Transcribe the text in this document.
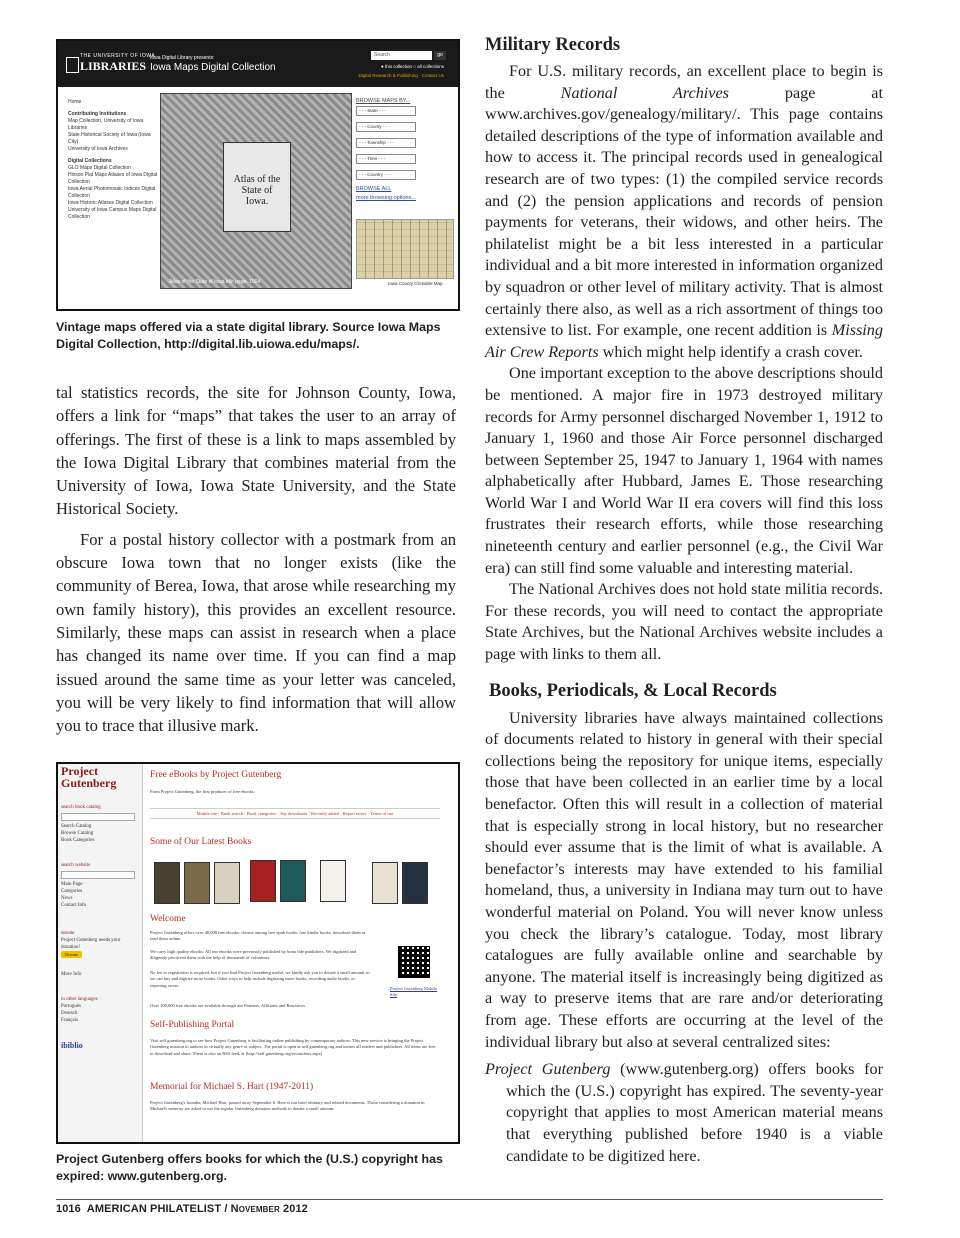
THE UNIVERSITY OF IOWA
LIBRARIES
Iowa Digital Library presents:
Iowa Maps Digital Collection
Search	go
● this collection ○ all collections
Digital Research & Publishing · Contact Us
Home
Contributing Institutions
Map Collection, University of Iowa Libraries
State Historical Society of Iowa (Iowa City)
University of Iowa Archives
Digital Collections
GLO Maps Digital Collection
Hixson Plat Maps Atlases of Iowa Digital Collection
Iowa Aerial Photomosaic Indices Digital Collection
Iowa Historic Atlases Digital Collection
University of Iowa Campus Maps Digital Collection
Atlas of the State of Iowa.
Atlas of the State of Iowa title page, 1904
BROWSE MAPS BY...
- - - State - - -
- - - County - - -
- - - Township - - -
- - - Time - - -
- - - Country - - -
BROWSE ALL
more browsing options...
Iowa County Clickable Map
Vintage maps offered via a state digital library. Source Iowa Maps Digital Collection, http://digital.lib.uiowa.edu/maps/.

tal statistics records, the site for Johnson County, Iowa, offers a link for “maps” that takes the user to an array of offerings. The first of these is a link to maps assembled by the Iowa Digital Library that combines material from the University of Iowa, Iowa State University, and the State Historical Society.

For a postal history collector with a postmark from an obscure Iowa town that no longer exists (like the community of Berea, Iowa, that arose while researching my own family history), this provides an excellent resource. Similarly, these maps can assist in research when a place has changed its name over time. If you can find a map issued around the same time as your letter was canceled, you will be very likely to find information that will allow you to trace that illusive mark.

Project
Gutenberg
search book catalog
Search Catalog
Browse Catalog
Book Categories
search website
Main Page
Categories
News
Contact Info
donate
Project Gutenberg needs your donation!
Donate
More Info
in other languages
Português
Deutsch
Français
ibiblio
Free eBooks by Project Gutenberg
From Project Gutenberg, the first producer of free ebooks.
Mobile site · Book search · Book categories · Top downloads · Recently added · Report errors · Terms of use
Some of Our Latest Books
Welcome
Project Gutenberg offers over 40,000 free ebooks: choose among free epub books, free kindle books, download them or read them online.
We carry high quality ebooks: All our ebooks were previously published by bona fide publishers. We digitized and diligently proofread them with the help of thousands of volunteers.
No fee or registration is required, but if you find Project Gutenberg useful, we kindly ask you to donate a small amount so we can buy and digitize more books. Other ways to help include digitizing more books, recording audio books, or reporting errors.
Over 100,000 free ebooks are available through our Partners, Affiliates and Resources.
Project Gutenberg Mobile Site
Self-Publishing Portal
Visit self.gutenberg.org to see how Project Gutenberg is facilitating online publishing by contemporary authors. This new service is bringing the Project Gutenberg mission to authors in virtually any genre or subject. The portal is open at self.gutenberg.org and invites all readers and publishers. All items are free to download and share. There is also an RSS feed, at [http://self.gutenberg.org/rss/authors.aspx]
Memorial for Michael S. Hart (1947-2011)
Project Gutenberg's founder, Michael Hart, passed away September 6. Here is our brief obituary and related documents. Those considering a donation in Michael's memory are asked to use the regular Gutenberg donation methods to donate a small amount.
Project Gutenberg offers books for which the (U.S.) copyright has expired: www.gutenberg.org.
Military Records

For U.S. military records, an excellent place to begin is the National Archives page at www.archives.gov/genealogy/military/. This page contains detailed descriptions of the type of information available and how to access it. The principal records used in genealogical research are of two types: (1) the compiled service records and (2) the pension applications and records of pension payments for veterans, their widows, and other heirs. The philatelist might be a bit less interested in a particular individual and a bit more interested in information organized by squadron or other level of military activity. That is almost certainly there also, as well as a rich assortment of things too extensive to list. For example, one recent addition is Missing Air Crew Reports which might help identify a crash cover.

One important exception to the above descriptions should be mentioned. A major fire in 1973 destroyed military records for Army personnel discharged November 1, 1912 to January 1, 1960 and those Air Force personnel discharged between September 25, 1947 to January 1, 1964 with names alphabetically after Hubbard, James E. Those researching World War I and World War II era covers will find this loss frustrates their research efforts, while those researching nineteenth century and earlier personnel (e.g., the Civil War era) can still find some valuable and interesting material.

The National Archives does not hold state militia records. For these records, you will need to contact the appropriate State Archives, but the National Archives website includes a page with links to them all.

Books, Periodicals, & Local Records

University libraries have always maintained collections of documents related to history in general with their special collections being the repository for unique items, especially those that have been collected in an earlier time by a local benefactor. Often this will result in a collection of material that is especially strong in local history, but no researcher should ever assume that is the limit of what is available. A benefactor’s interests may have extended to his familial homeland, thus, a university in Indiana may turn out to have wonderful material on Poland. You will never know unless you check the library’s catalogue. Today, most library catalogues are fully available online and searchable by anyone. The material itself is increasingly being digitized as a way to preserve items that are rare and/or deteriorating from age. These efforts are occurring at the level of the individual library but also at several centralized sites:

Project Gutenberg (www.gutenberg.org) offers books for which the (U.S.) copyright has expired. The seventy-year copyright that applies to most American material means that everything published before 1940 is a viable candidate to be digitized here.

1016 AMERICAN PHILATELIST / November 2012
